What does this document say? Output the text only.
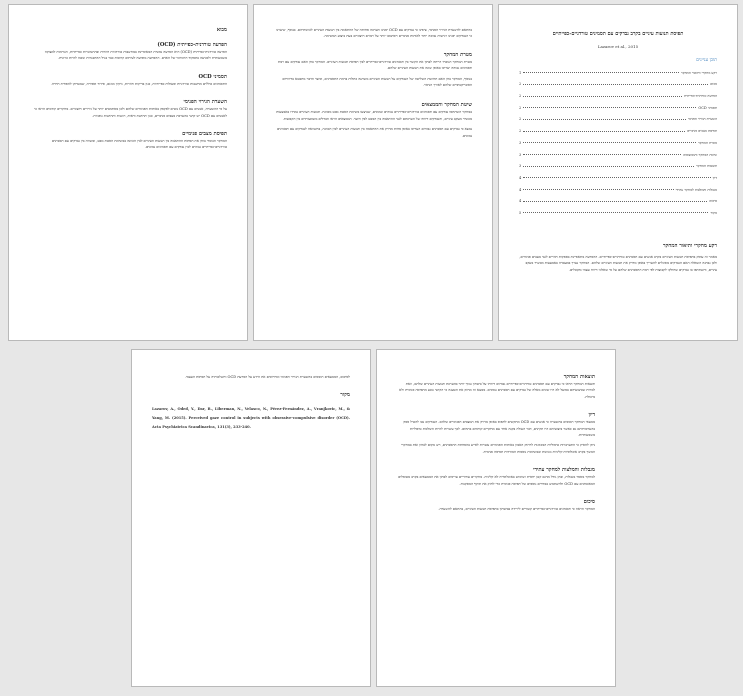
מבוא
הפרעה טורדנית-כפייתית (OCD)

הפרעה טורדנית-כפייתית (OCD) היא הפרעה נפשית המאופיינת במחשבות טורדניות חוזרות ובהתנהגויות כפייתיות, הגורמות למצוקה משמעותית ולפגיעה בתפקוד היומיומי של האדם. ההפרעה מופיעה לעיתים קרובות כבר בגיל ההתבגרות ונוטה להיות כרונית.

תסמיני OCD

התסמינים כוללים מחשבות טורדניות ופעולות כפייתיות, כגון בדיקות חוזרות, ניקיון מוגזם, סידור וספירה, שמטרתן להפחית חרדה.

השערת הגירוי הפנימי

על פי ההשערה, אנשים עם OCD נוטים לפקפק באותות הפנימיים שלהם ולכן מסתמכים יותר על גירויים חיצוניים. מחקרים קודמים הראו כי לאנשים עם OCD יש קושי בהערכת מצבים פנימיים, כגון תחושת ודאות, רגשות ותחושות גופניות.

תפיסת מצבים פנימיים

המחקר הנוכחי בוחן את תפיסת ההתאמה בין תנועות העיניים לבין הכוונה במשימת הסטת מבט, ומשווה בין נבדקים עם תסמינים טורדניים-כפייתיים גבוהים לבין נבדקים עם תסמינים נמוכים.

בהתאם להשערת הגירוי הפנימי, ציפינו כי נבדקים עם OCD יפגינו הערכה פחותה של ההתאמה בין תנועות העיניים לכוונותיהם. בנוסף, שיערנו כי הנבדקים יפגינו רגישות נמוכה יותר לאותות פנימיים ויסתמכו יותר על רמזים חיצוניים בעת ביצוע המשימה.

מטרת המחקר

מטרת המחקר הנוכחי הייתה לבחון את הקשר בין תסמינים טורדניים-כפייתיים לבין תפיסת תנועות העיניים. המחקר בחן האם נבדקים עם רמת תסמינים גבוהה יעריכו באופן שונה את תנועות העיניים שלהם.

בנוסף, המחקר בחן האם תחושת השליטה של הנבדקים על תנועות העיניים משתנה כתלות ברמת התסמינים, וכיצד הדבר מתבטא בדיווחים הסובייקטיביים שלהם לאורך הניסוי.

שיטת המחקר והממצאים

במחקר השתתפו נבדקים עם תסמינים טורדניים-כפייתיים גבוהים ונמוכים, שביצעו משימת הסטת מבט מכוונת. תנועות העיניים נמדדו באמצעות מכשיר מעקב עיניים, והנבדקים דיווחו על הערכתם לגבי ההתאמה בין המבט לבין היעד. הממצאים הראו הבדלים משמעותיים בין הקבוצות.

נמצא כי נבדקים עם תסמינים גבוהים העריכו באופן פחות מדויק את ההתאמה בין תנועות העיניים לבין הכוונה, בהשוואה לנבדקים עם תסמינים נמוכים.

תפיסת תנועות עיניים בקרב נבדקים עם תסמינים טורדניים-כפייתיים
Lazarov et al., 2015
תוכן עניינים
רקע מחקרי ותיאור המחקר
1
מבוא
2
הפרעה טורדנית-כפייתית
2
תסמיני OCD
2
השערת הגירוי הפנימי
2
תפיסת מצבים פנימיים
2
מטרת המחקר
3
שיטת המחקר והממצאים
3
תוצאות המחקר
3
דיון
4
מגבלות והמלצות למחקר עתידי
4
סיכום
4
מקור
5
רקע מחקרי ותיאור המחקר

מאמר זה עוסק בתפיסת תנועות העיניים בקרב אנשים עם תסמינים טורדניים-כפייתיים. ההפרעה מתאפיינת בספקות חוזרים לגבי מצבים פנימיים, ולכן נבחנה השאלה האם הנבדקים מסוגלים להעריך באופן מדויק את תנועות העיניים שלהם. המחקר נערך במעבדה באמצעות מכשיר מעקב עיניים, והשתתפו בו נבדקים שחולקו לקבוצות לפי רמת התסמינים שלהם על פי שאלוני דיווח עצמי מקובלים.

לסיכום, הממצאים תומכים בהשערת הגירוי הפנימי ומרחיבים את הידע על הפרעת OCD והשלכותיה על תפיסת העצמי.

מקור

Lazarov, A., Oded, Y., Dar, R., Liberman, N., Velasco, N., Pérez-Fernández, A., Vranjkovic, M., & Yang, M. (2015). Perceived gaze control in subjects with obsessive-compulsive disorder (OCD). Acta Psychiatrica Scandinavica, 131(3), 233-240.

תוצאות המחקר

תוצאות המחקר הראו כי נבדקים עם תסמינים טורדניים-כפייתיים גבוהים דיווחו על ביטחון נמוך יותר בהערכת תנועות העיניים שלהם, וזאת למרות שביצועיהם בפועל לא היו שונים מאלה של נבדקים עם תסמינים נמוכים. ממצא זה מחזק את הטענה כי הקושי נובע מתפיסה פנימית ולא מיכולת.

דיון

ממצאי המחקר תומכים בהשערה כי אנשים עם OCD מתקשים לתפוס באופן מדויק את המצבים הפנימיים שלהם. הנבדקים נטו להטיל ספק בהערכותיהם גם כאשר ביצועיהם היו תקינים, דבר העולה בקנה אחד עם מחקרים קודמים בתחום. לכך עשויות להיות השלכות טיפוליות משמעותיות.

ניתן להסיק כי התערבויות טיפוליות המכוונות לחיזוק האמון באותות הפנימיים עשויות לסייע בהפחתת התסמינים, ויש מקום לבחון זאת במחקרי המשך בקרב אוכלוסיות קליניות מגוונות ובמשימות נוספות המודדות תפיסה פנימית.

מגבלות והמלצות למחקר עתידי

למחקר מספר מגבלות, ובהן גודל מדגם קטן יחסית ושימוש באוכלוסייה לא קלינית. מחקרים עתידיים צריכים לבחון את הממצאים בקרב מטופלים המאובחנים עם OCD ולהשתמש במדדים נוספים של תפיסה פנימית כדי לחזק את תוקף המסקנות.

סיכום

המחקר הראה כי תסמינים טורדניים-כפייתיים קשורים לירידה בביטחון בתפיסת תנועות העיניים, בהתאם להשערה.
